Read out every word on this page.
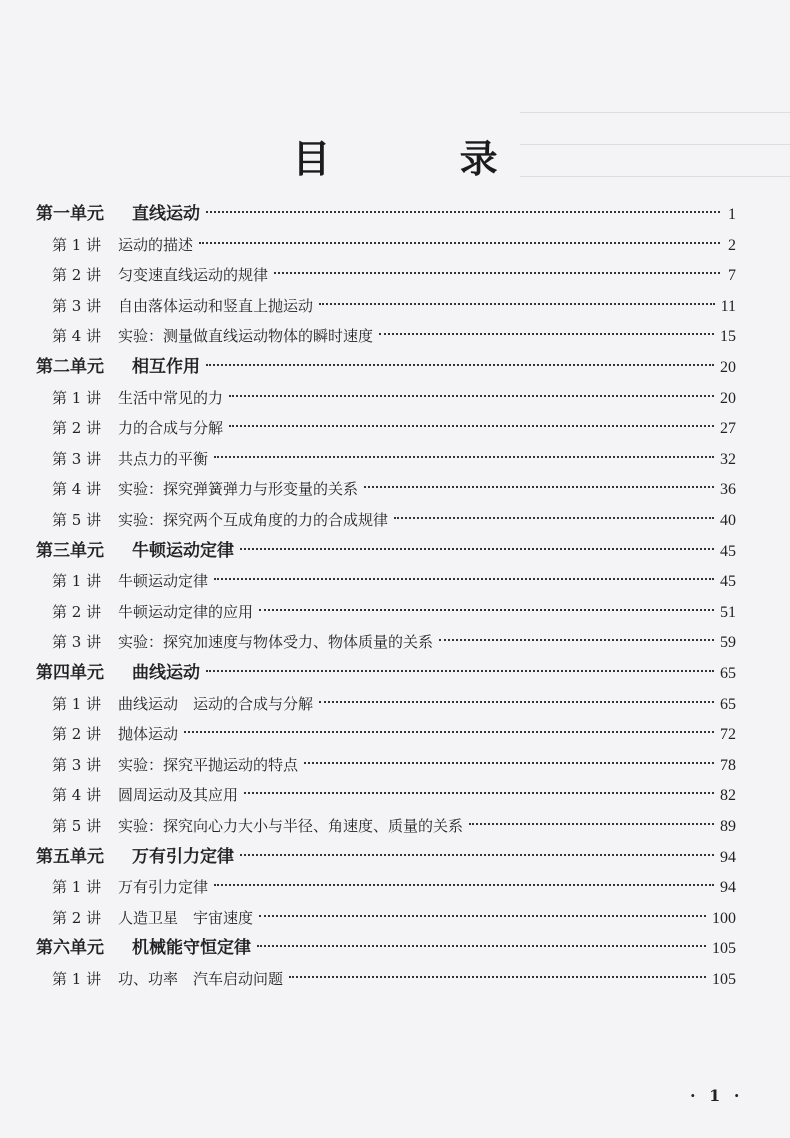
目 录
第一单元	直线运动	1
第 1 讲	运动的描述	2
第 2 讲	匀变速直线运动的规律	7
第 3 讲	自由落体运动和竖直上抛运动	11
第 4 讲	实验：测量做直线运动物体的瞬时速度	15
第二单元	相互作用	20
第 1 讲	生活中常见的力	20
第 2 讲	力的合成与分解	27
第 3 讲	共点力的平衡	32
第 4 讲	实验：探究弹簧弹力与形变量的关系	36
第 5 讲	实验：探究两个互成角度的力的合成规律	40
第三单元	牛顿运动定律	45
第 1 讲	牛顿运动定律	45
第 2 讲	牛顿运动定律的应用	51
第 3 讲	实验：探究加速度与物体受力、物体质量的关系	59
第四单元	曲线运动	65
第 1 讲	曲线运动　运动的合成与分解	65
第 2 讲	抛体运动	72
第 3 讲	实验：探究平抛运动的特点	78
第 4 讲	圆周运动及其应用	82
第 5 讲	实验：探究向心力大小与半径、角速度、质量的关系	89
第五单元	万有引力定律	94
第 1 讲	万有引力定律	94
第 2 讲	人造卫星　宇宙速度	100
第六单元	机械能守恒定律	105
第 1 讲	功、功率　汽车启动问题	105
· 1 ·
